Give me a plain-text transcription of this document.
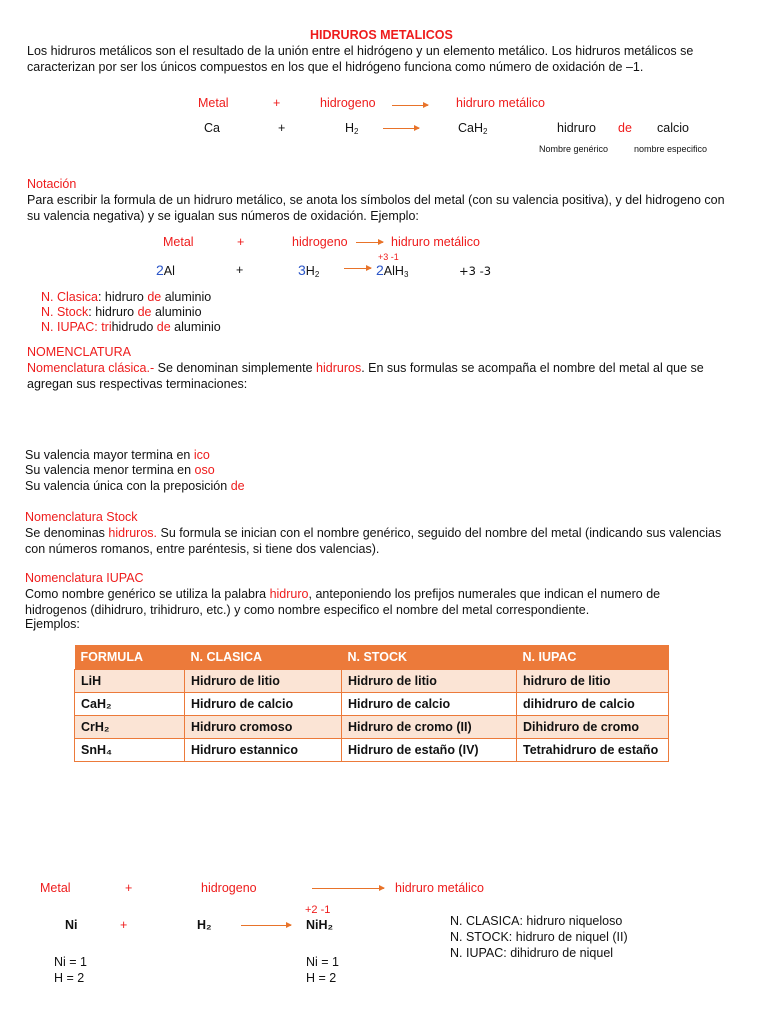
HIDRUROS METALICOS
Los hidruros metálicos son el resultado de la unión entre el hidrógeno y un elemento metálico. Los hidruros metálicos se caracterizan por ser los únicos compuestos en los que el hidrógeno funciona como número de oxidación de –1.
Metal	+	hidrogeno	hidruro metálico
Ca	+	$H_2$	CaH$_2$	hidruro de calcio
Nombre genérico	nombre especifico
Notación
Para escribir la formula de un hidruro metálico, se anota los símbolos del metal (con su valencia positiva), y del hidrogeno con su valencia negativa) y se igualan sus números de oxidación. Ejemplo:
Metal	+	hidrogeno	hidruro metálico
+3 -1
2Al	+	$3H_2$	2AlH$_3$	+3 -3
N. Clasica: hidruro de aluminio
N. Stock: hidruro de aluminio
N. IUPAC: trihidrudo de aluminio
NOMENCLATURA
Nomenclatura clásica.- Se denominan simplemente hidruros. En sus formulas se acompaña el nombre del metal al que se agregan sus respectivas terminaciones:
Su valencia mayor termina en ico
Su valencia menor termina en oso
Su valencia única con la preposición de
Nomenclatura Stock
Se denominas hidruros. Su formula se inician con el nombre genérico, seguido del nombre del metal (indicando sus valencias con números romanos, entre paréntesis, si tiene dos valencias).
Nomenclatura IUPAC
Como nombre genérico se utiliza la palabra hidruro, anteponiendo los prefijos numerales que indican el numero de hidrogenos (dihidruro, trihidruro, etc.) y como nombre especifico el nombre del metal correspondiente.
Ejemplos:
FORMULA	N. CLASICA	N. STOCK	N. IUPAC
LiH	Hidruro de litio	Hidruro de litio	hidruro de litio
CaH₂	Hidruro de calcio	Hidruro de calcio	dihidruro de calcio
CrH₂	Hidruro cromoso	Hidruro de cromo (II)	Dihidruro de cromo
SnH₄	Hidruro estannico	Hidruro de estaño (IV)	Tetrahidruro de estaño
Metal	+	hidrogeno	hidruro metálico
+2 -1
Ni	+	H₂	NiH₂	N. CLASICA: hidruro niqueloso
N. STOCK: hidruro de niquel (II)
N. IUPAC: dihidruro de niquel
Ni = 1
H = 2
Ni = 1
H = 2
